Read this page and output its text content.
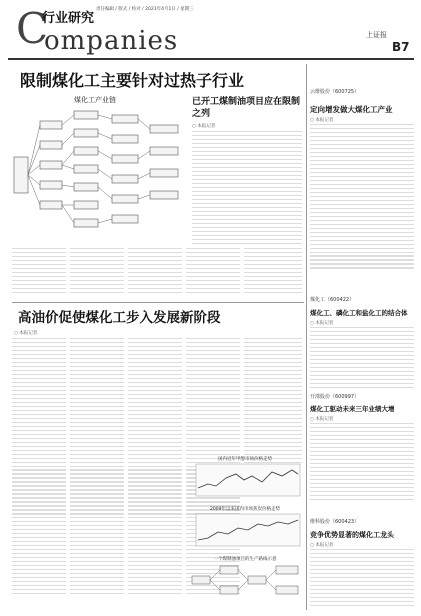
C
行业研究
责任编辑 / 版式 / 校对 / 2021年4月1日 / 星期三
ompanies	上证报
B7
限制煤化工主要针对过热子行业
煤化工产业链	已开工煤制油项目应在限制之列
○ 本报记者
高油价促使煤化工步入发展新阶段
○ 本报记者
国内近年甲醇市场价格走势
2009年以来国内市场焦炭价格走势
一个煤制油项目的生产路线示意
云维股份（600725）
定向增发做大煤化工产业
○ 本报记者
煤化工（600422）
煤化工、磷化工和盐化工的结合体
○ 本报记者
开滦股份（600997）
煤化工驱动未来三年业绩大增
○ 本报记者
维科股份（600423）
竞争优势显著的煤化工龙头
○ 本报记者
